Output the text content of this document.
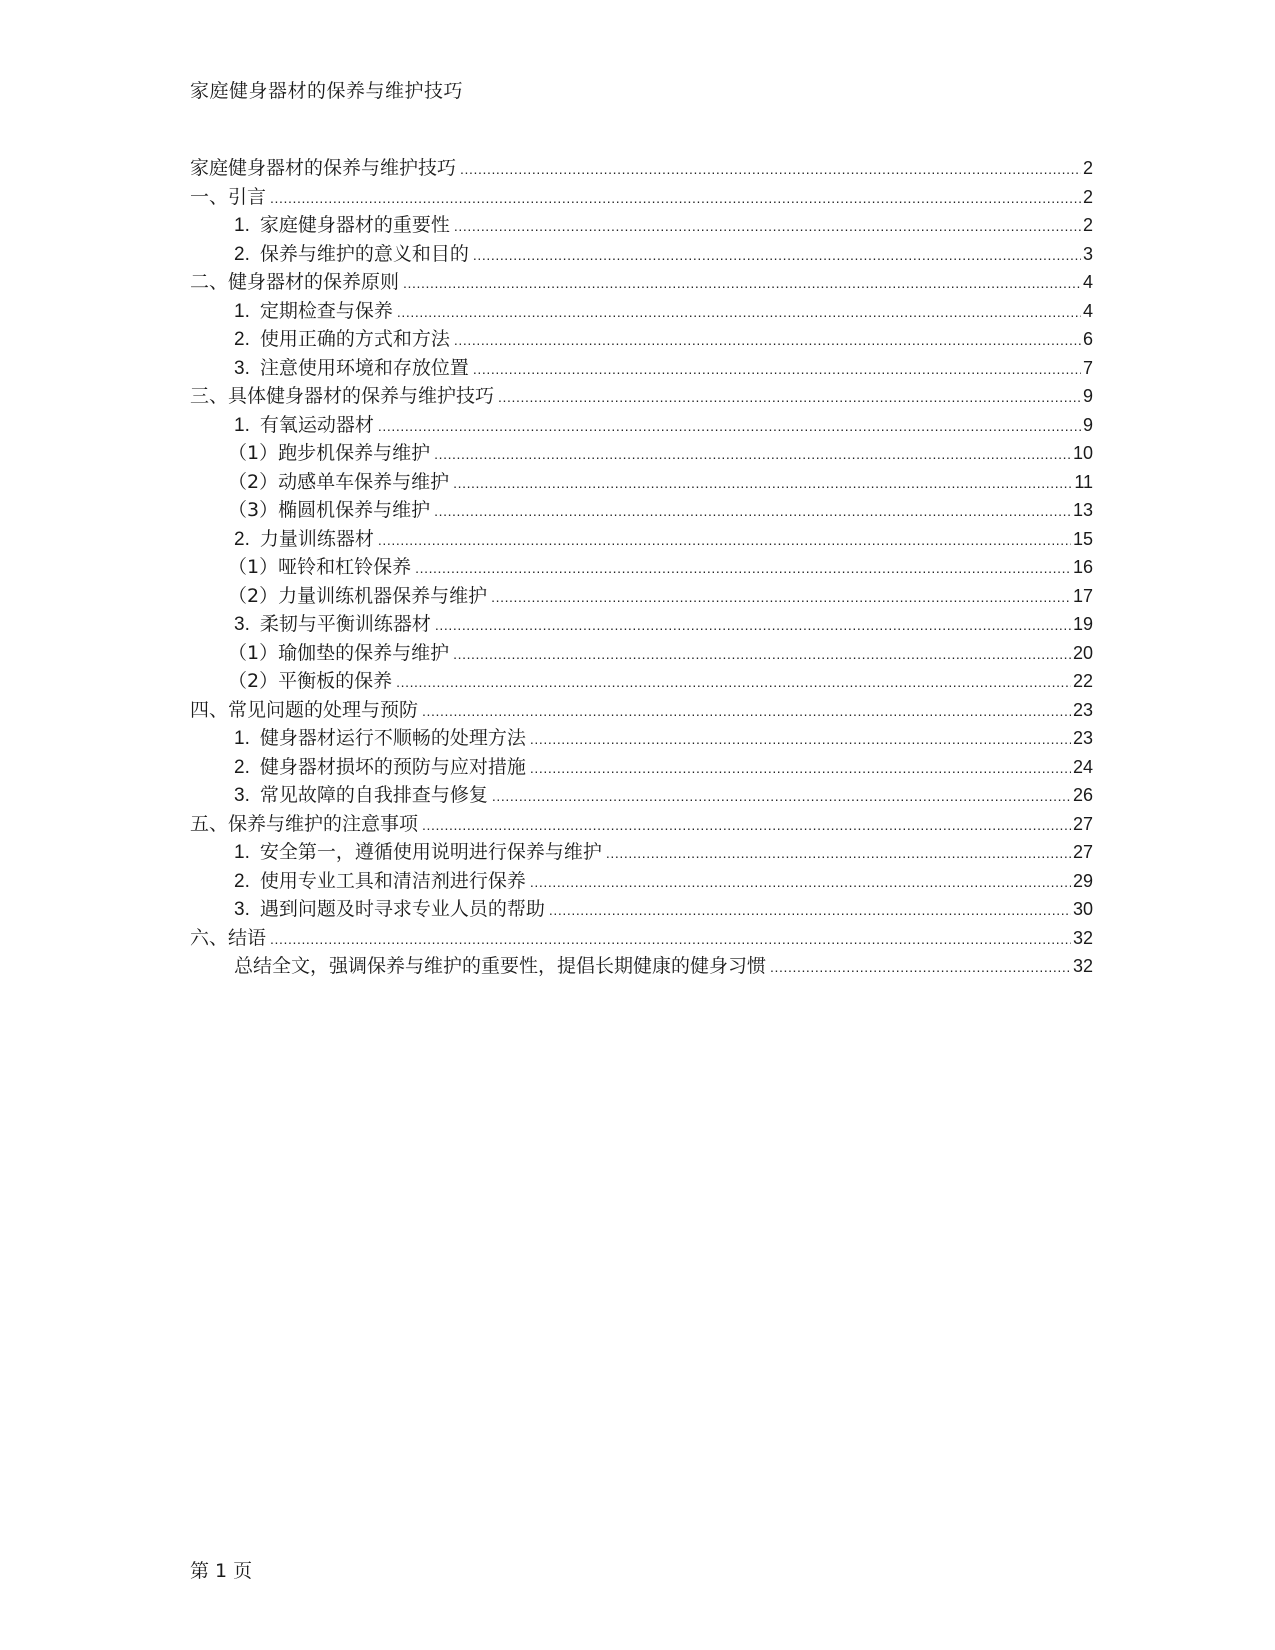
家庭健身器材的保养与维护技巧
家庭健身器材的保养与维护技巧 .....	2
一、引言 .....	2
1. 家庭健身器材的重要性 .....	2
2. 保养与维护的意义和目的 .....	3
二、健身器材的保养原则 .....	4
1. 定期检查与保养 .....	4
2. 使用正确的方式和方法 .....	6
3. 注意使用环境和存放位置 .....	7
三、具体健身器材的保养与维护技巧 .....	9
1. 有氧运动器材 .....	9
（1）跑步机保养与维护 .....	10
（2）动感单车保养与维护 .....	11
（3）椭圆机保养与维护 .....	13
2. 力量训练器材 .....	15
（1）哑铃和杠铃保养 .....	16
（2）力量训练机器保养与维护 .....	17
3. 柔韧与平衡训练器材 .....	19
（1）瑜伽垫的保养与维护 .....	20
（2）平衡板的保养 .....	22
四、常见问题的处理与预防 .....	23
1. 健身器材运行不顺畅的处理方法 .....	23
2. 健身器材损坏的预防与应对措施 .....	24
3. 常见故障的自我排查与修复 .....	26
五、保养与维护的注意事项 .....	27
1. 安全第一，遵循使用说明进行保养与维护 .....	27
2. 使用专业工具和清洁剂进行保养 .....	29
3. 遇到问题及时寻求专业人员的帮助 .....	30
六、结语 .....	32
总结全文，强调保养与维护的重要性，提倡长期健康的健身习惯 .....	32
第 1 页
